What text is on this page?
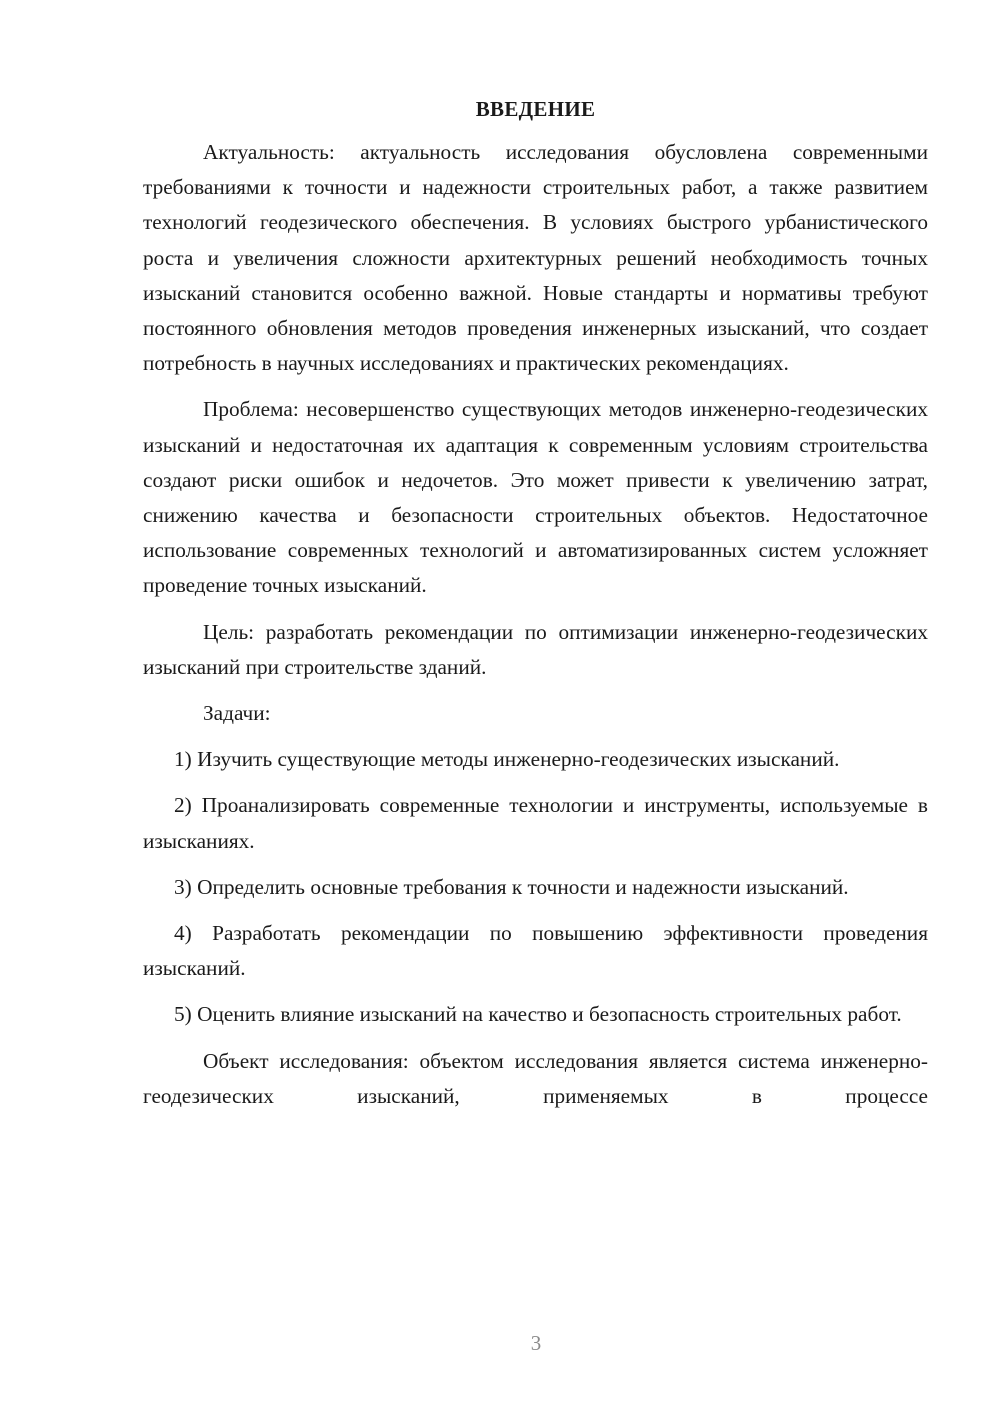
ВВЕДЕНИЕ

Актуальность: актуальность исследования обусловлена современными требованиями к точности и надежности строительных работ, а также развитием технологий геодезического обеспечения. В условиях быстрого урбанистического роста и увеличения сложности архитектурных решений необходимость точных изысканий становится особенно важной. Новые стандарты и нормативы требуют постоянного обновления методов проведения инженерных изысканий, что создает потребность в научных исследованиях и практических рекомендациях.

Проблема: несовершенство существующих методов инженерно-геодезических изысканий и недостаточная их адаптация к современным условиям строительства создают риски ошибок и недочетов. Это может привести к увеличению затрат, снижению качества и безопасности строительных объектов. Недостаточное использование современных технологий и автоматизированных систем усложняет проведение точных изысканий.

Цель: разработать рекомендации по оптимизации инженерно-геодезических изысканий при строительстве зданий.

Задачи:

1) Изучить существующие методы инженерно-геодезических изысканий.

2) Проанализировать современные технологии и инструменты, используемые в изысканиях.

3) Определить основные требования к точности и надежности изысканий.

4) Разработать рекомендации по повышению эффективности проведения изысканий.

5) Оценить влияние изысканий на качество и безопасность строительных работ.

Объект исследования: объектом исследования является система инженерно-геодезических изысканий, применяемых в процессе

3
